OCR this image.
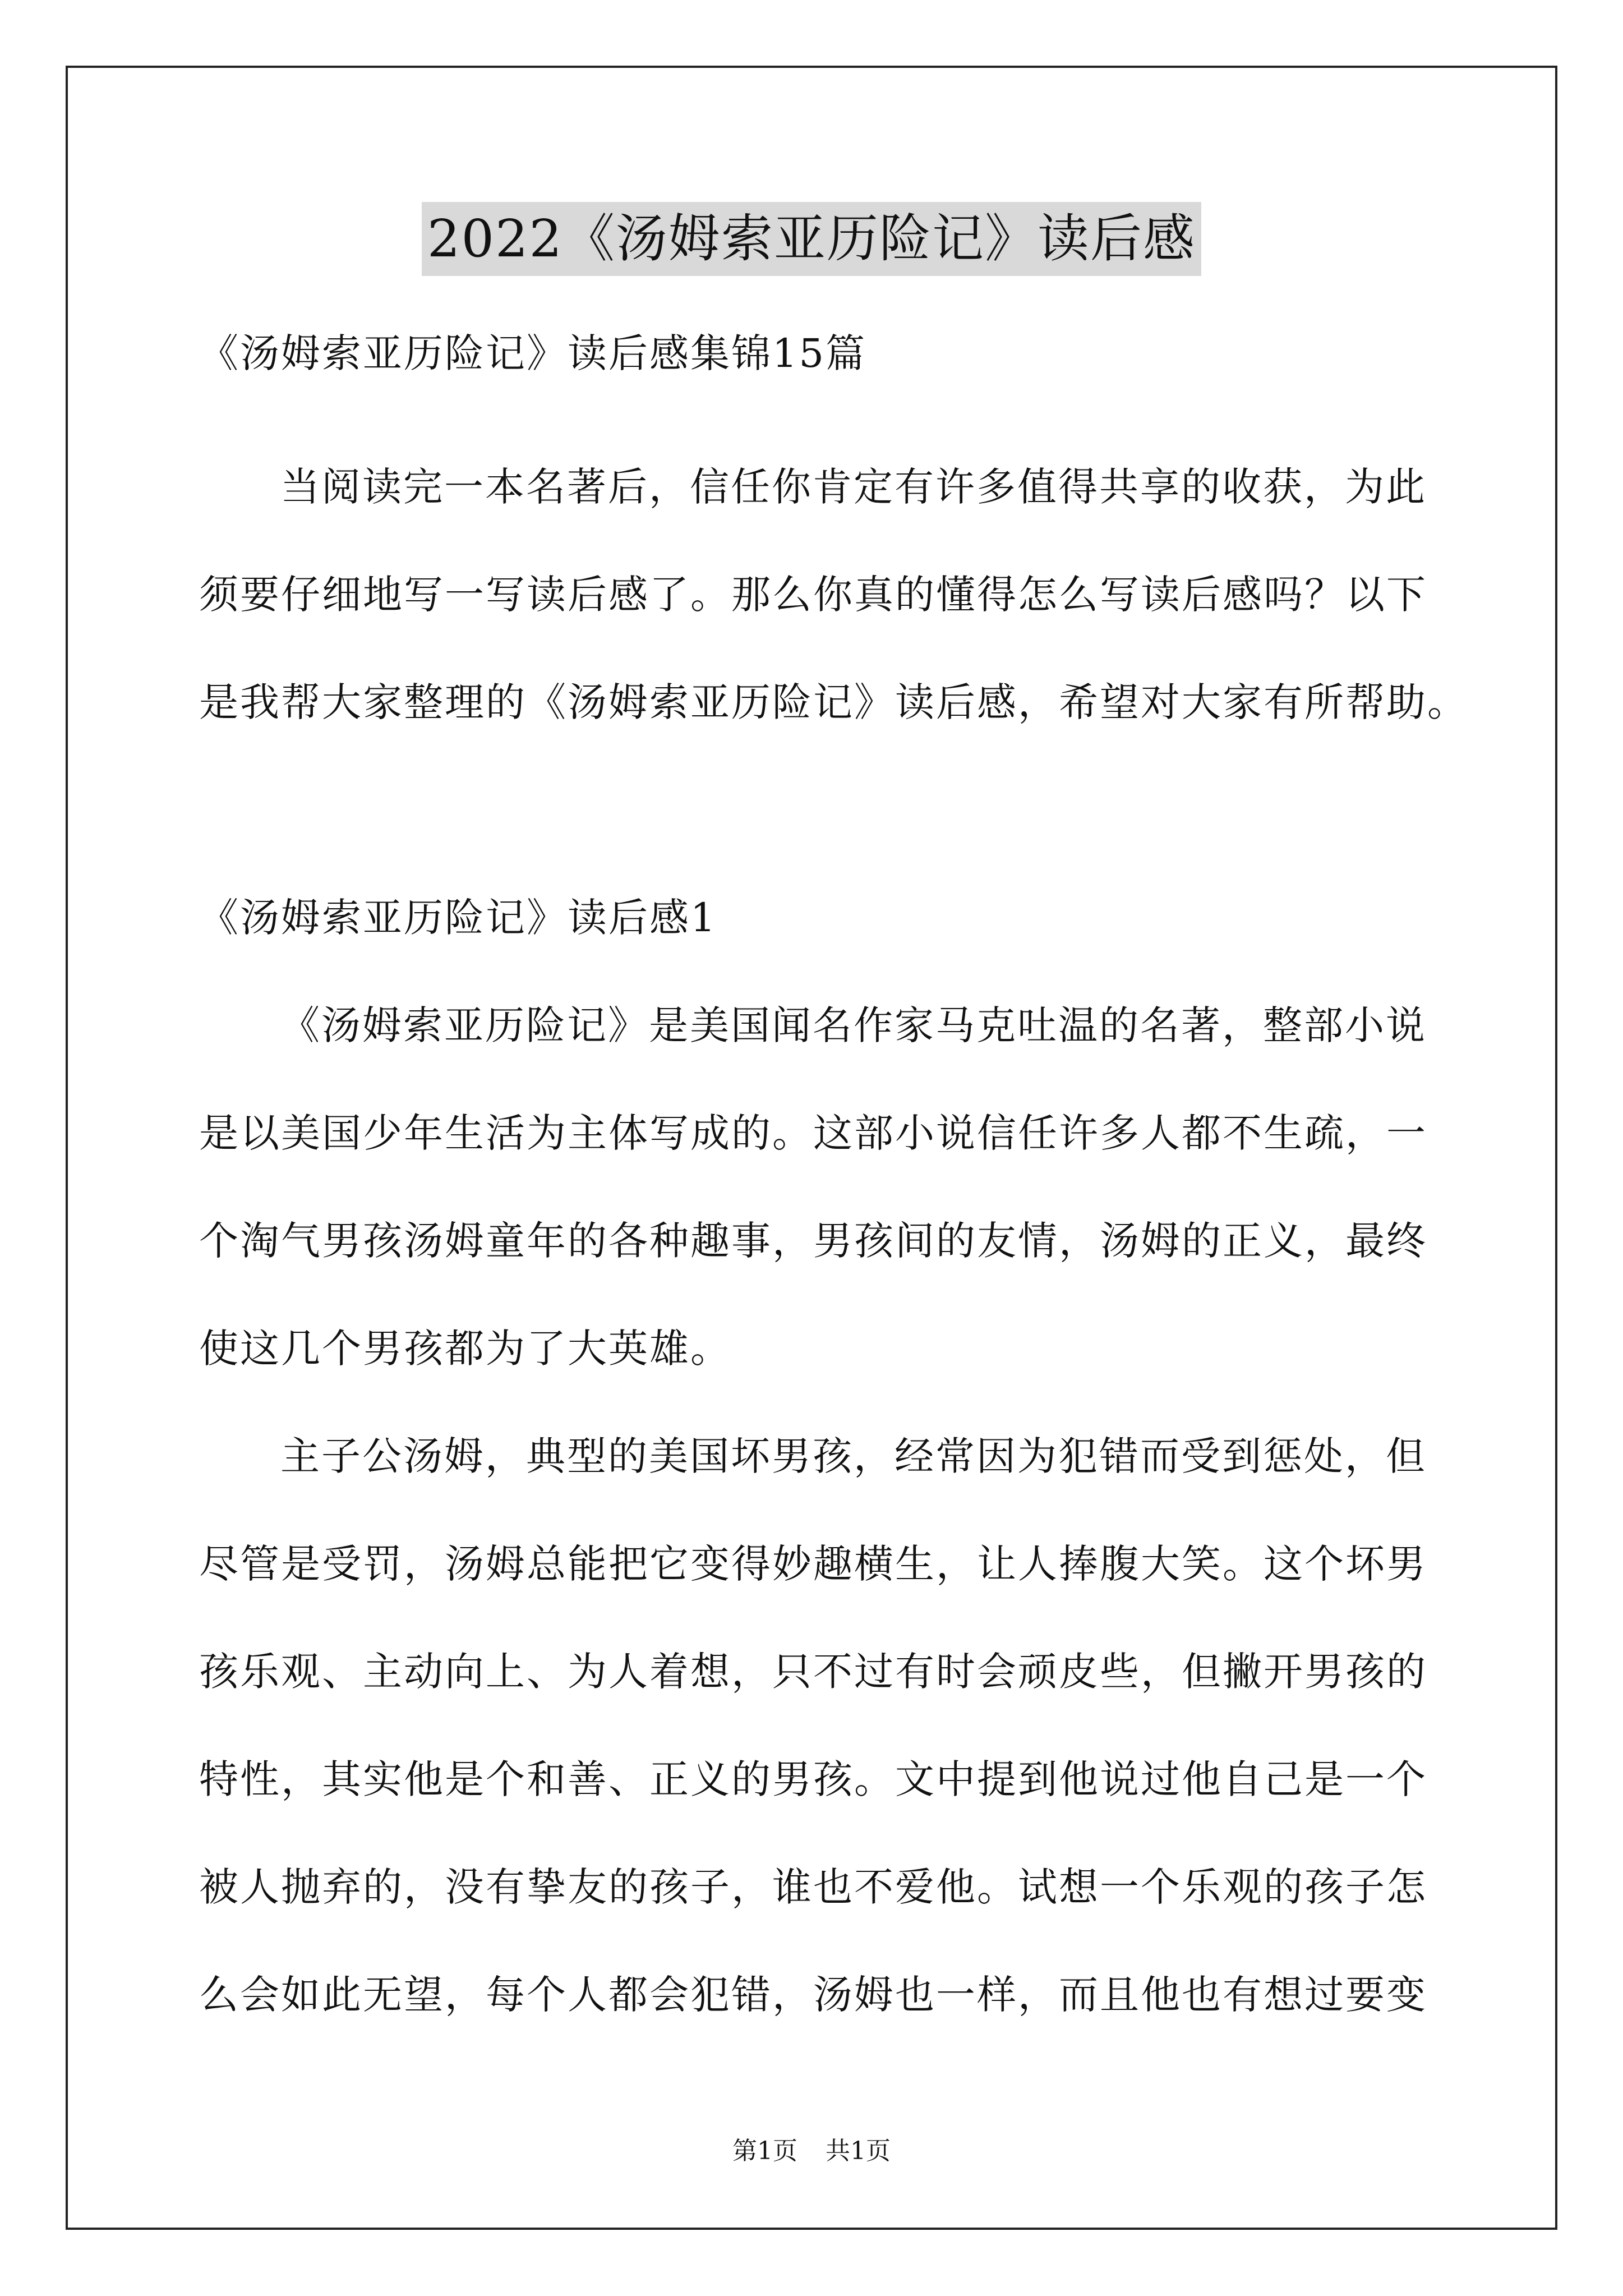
2022《汤姆索亚历险记》读后感
《汤姆索亚历险记》读后感集锦15篇
当阅读完一本名著后，信任你肯定有许多值得共享的收获，为此
须要仔细地写一写读后感了。那么你真的懂得怎么写读后感吗？以下
是我帮大家整理的《汤姆索亚历险记》读后感，希望对大家有所帮助。
《汤姆索亚历险记》读后感1
《汤姆索亚历险记》是美国闻名作家马克吐温的名著，整部小说
是以美国少年生活为主体写成的。这部小说信任许多人都不生疏，一
个淘气男孩汤姆童年的各种趣事，男孩间的友情，汤姆的正义，最终
使这几个男孩都为了大英雄。
主子公汤姆，典型的美国坏男孩，经常因为犯错而受到惩处，但
尽管是受罚，汤姆总能把它变得妙趣横生，让人捧腹大笑。这个坏男
孩乐观、主动向上、为人着想，只不过有时会顽皮些，但撇开男孩的
特性，其实他是个和善、正义的男孩。文中提到他说过他自己是一个
被人抛弃的，没有挚友的孩子，谁也不爱他。试想一个乐观的孩子怎
么会如此无望，每个人都会犯错，汤姆也一样，而且他也有想过要变
第1页 共1页
